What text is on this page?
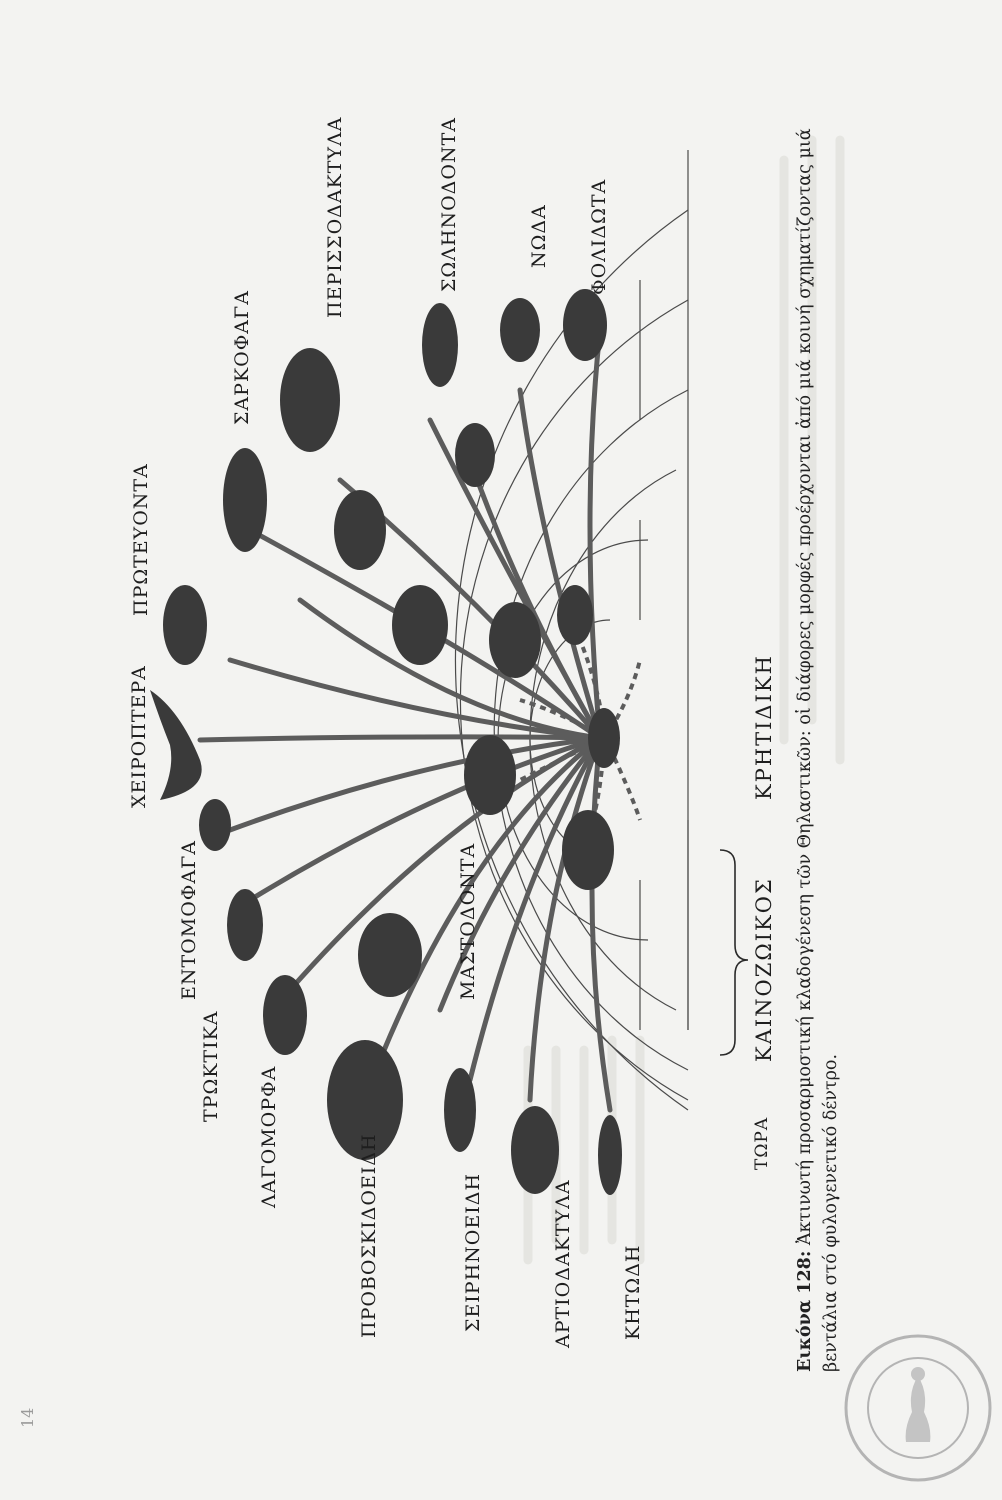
ΧΕΙΡΟΠΤΕΡΑ
ΠΡΩΤΕΥΟΝΤΑ
ΣΑΡΚΟΦΑΓΑ
ΠΕΡΙΣΣΟΔΑΚΤΥΛΑ	ΣΩΛΗΝΟΔΟΝΤΑ	ΝΩΔΑ ΦΟΛΙΔΩΤΑ
ΕΝΤΟΜΟΦΑΓΑ
ΤΡΩΚΤΙΚΑ ΛΑΓΟΜΟΡΦΑ	ΠΡΟΒΟΣΚΙΔΟΕΙΔΗ
ΜΑΣΤΟΔΟΝΤΑ
ΣΕΙΡΗΝΟΕΙΔΗ	ΑΡΤΙΟΔΑΚΤΥΛΑ	ΚΗΤΩΔΗ
ΤΩΡΑ
ΚΑΙΝΟΖΩΙΚΟΣ
ΚΡΗΤΙΔΙΚΗ
Εικόνα 128: Ἀκτινωτή προσαρμοστική κλαδογένεση τῶν Θηλαστικῶν: οἱ διάφορες μορφές προέρχονται ἀπό μιά κοινή σχηματίζοντας μιά βεντάλια στό φυλογενετικό δέντρο.
14
